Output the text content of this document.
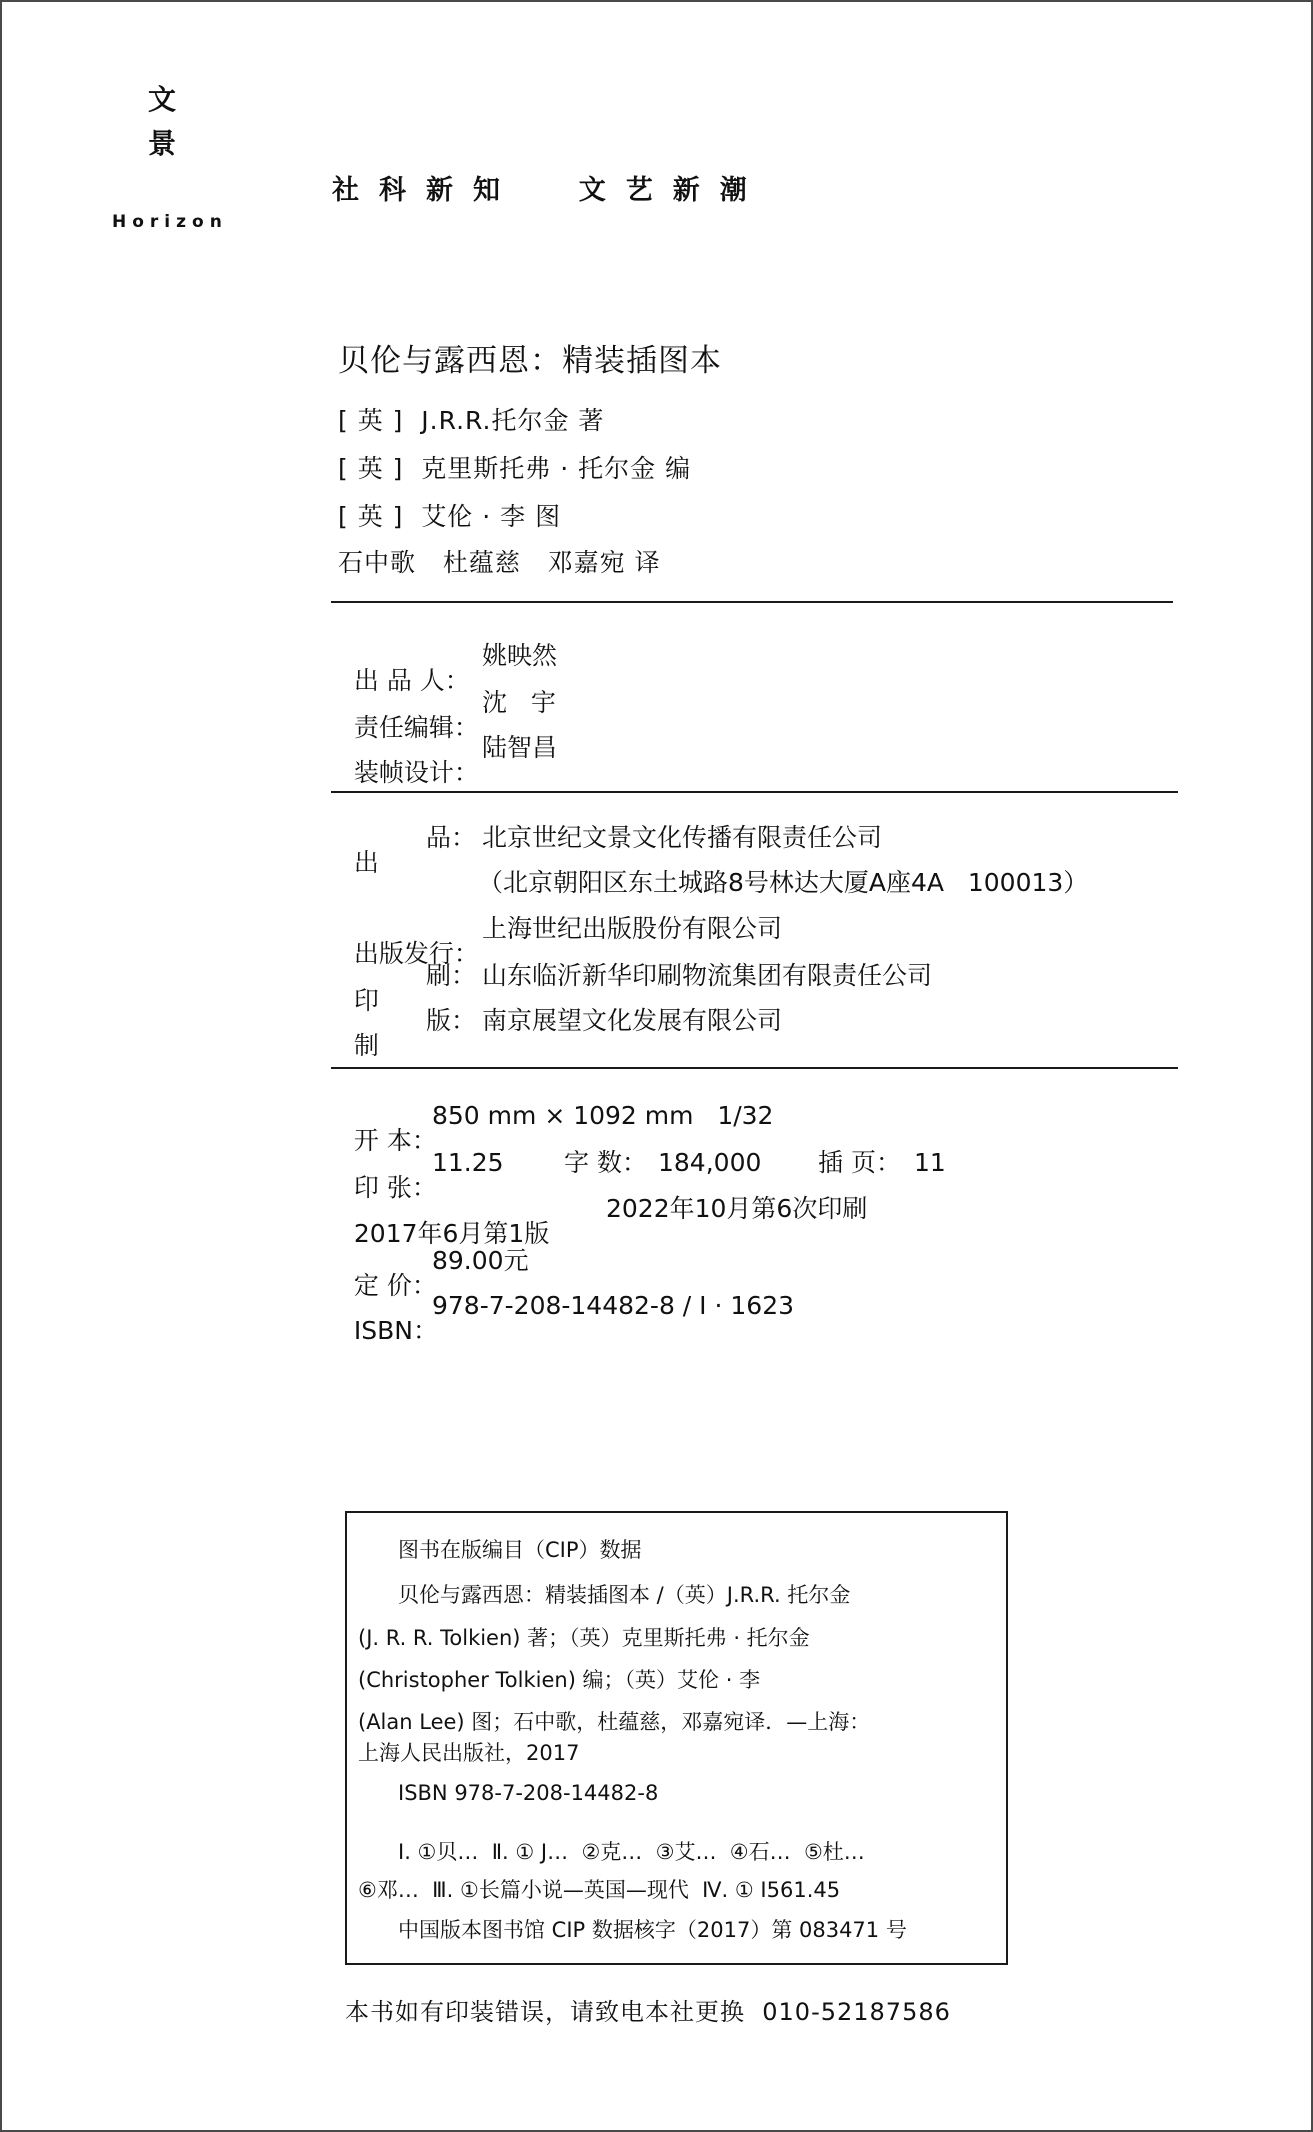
文
景
Horizon
社科新知  文艺新潮
贝伦与露西恩：精装插图本
[ 英 ]  J.R.R.托尔金 著
[ 英 ]  克里斯托弗 · 托尔金 编
[ 英 ]  艾伦 · 李 图
石中歌   杜蕴慈   邓嘉宛 译

出 品 人：

姚映然

责任编辑：

沈   宇

装帧设计：

陆智昌

出

品：

北京世纪文景文化传播有限责任公司

（北京朝阳区东土城路8号林达大厦A座4A   100013）

出版发行：

上海世纪出版股份有限公司

印

刷：

山东临沂新华印刷物流集团有限责任公司

制

版：

南京展望文化发展有限公司

开 本：

850 mm × 1092 mm   1/32

印 张：

11.25

字 数：

184,000

插 页：

11

2017年6月第1版

2022年10月第6次印刷

定 价：

89.00元

ISBN：

978-7-208-14482-8 / I · 1623

图书在版编目（CIP）数据
贝伦与露西恩：精装插图本 /（英）J.R.R. 托尔金
(J. R. R. Tolkien) 著；（英）克里斯托弗 · 托尔金
(Christopher Tolkien) 编；（英）艾伦 · 李
(Alan Lee) 图；石中歌，杜蕴慈，邓嘉宛译．—上海：
上海人民出版社，2017
ISBN 978-7-208-14482-8
Ⅰ. ①贝…  Ⅱ. ① J…  ②克…  ③艾…  ④石…  ⑤杜…
⑥邓…  Ⅲ. ①长篇小说—英国—现代  Ⅳ. ① I561.45
中国版本图书馆 CIP 数据核字（2017）第 083471 号
本书如有印装错误，请致电本社更换  010-52187586
